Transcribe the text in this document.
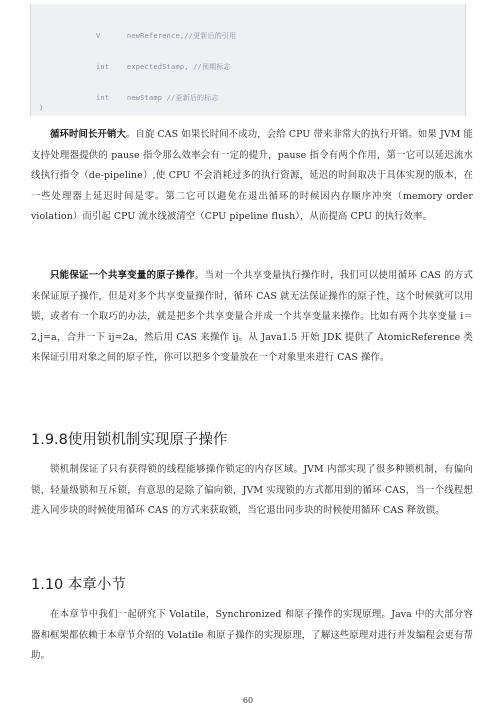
V      newReference,//更新后的引用
int    expectedStamp, //预期标志
int    newStamp //更新后的标志
)

循环时间长开销大。自旋 CAS 如果长时间不成功，会给 CPU 带来非常大的执行开销。如果 JVM 能支持处理器提供的 pause 指令那么效率会有一定的提升，pause 指令有两个作用，第一它可以延迟流水线执行指令（de-pipeline）,使 CPU 不会消耗过多的执行资源，延迟的时间取决于具体实现的版本，在一些处理器上延迟时间是零。第二它可以避免在退出循环的时候因内存顺序冲突（memory order violation）而引起 CPU 流水线被清空（CPU pipeline flush），从而提高 CPU 的执行效率。

只能保证一个共享变量的原子操作。当对一个共享变量执行操作时，我们可以使用循环 CAS 的方式来保证原子操作，但是对多个共享变量操作时，循环 CAS 就无法保证操作的原子性，这个时候就可以用锁，或者有一个取巧的办法，就是把多个共享变量合并成一个共享变量来操作。比如有两个共享变量 i＝2,j=a，合并一下 ij=2a，然后用 CAS 来操作 ij。从 Java1.5 开始 JDK 提供了 AtomicReference 类来保证引用对象之间的原子性，你可以把多个变量放在一个对象里来进行 CAS 操作。

1.9.8使用锁机制实现原子操作

锁机制保证了只有获得锁的线程能够操作锁定的内存区域。JVM 内部实现了很多种锁机制，有偏向锁，轻量级锁和互斥锁，有意思的是除了偏向锁，JVM 实现锁的方式都用到的循环 CAS，当一个线程想进入同步块的时候使用循环 CAS 的方式来获取锁，当它退出同步块的时候使用循环 CAS 释放锁。

1.10 本章小节

在本章节中我们一起研究下 Volatile，Synchronized 和原子操作的实现原理。Java 中的大部分容器和框架都依赖于本章节介绍的 Volatile 和原子操作的实现原理，了解这些原理对进行并发编程会更有帮助。

60
